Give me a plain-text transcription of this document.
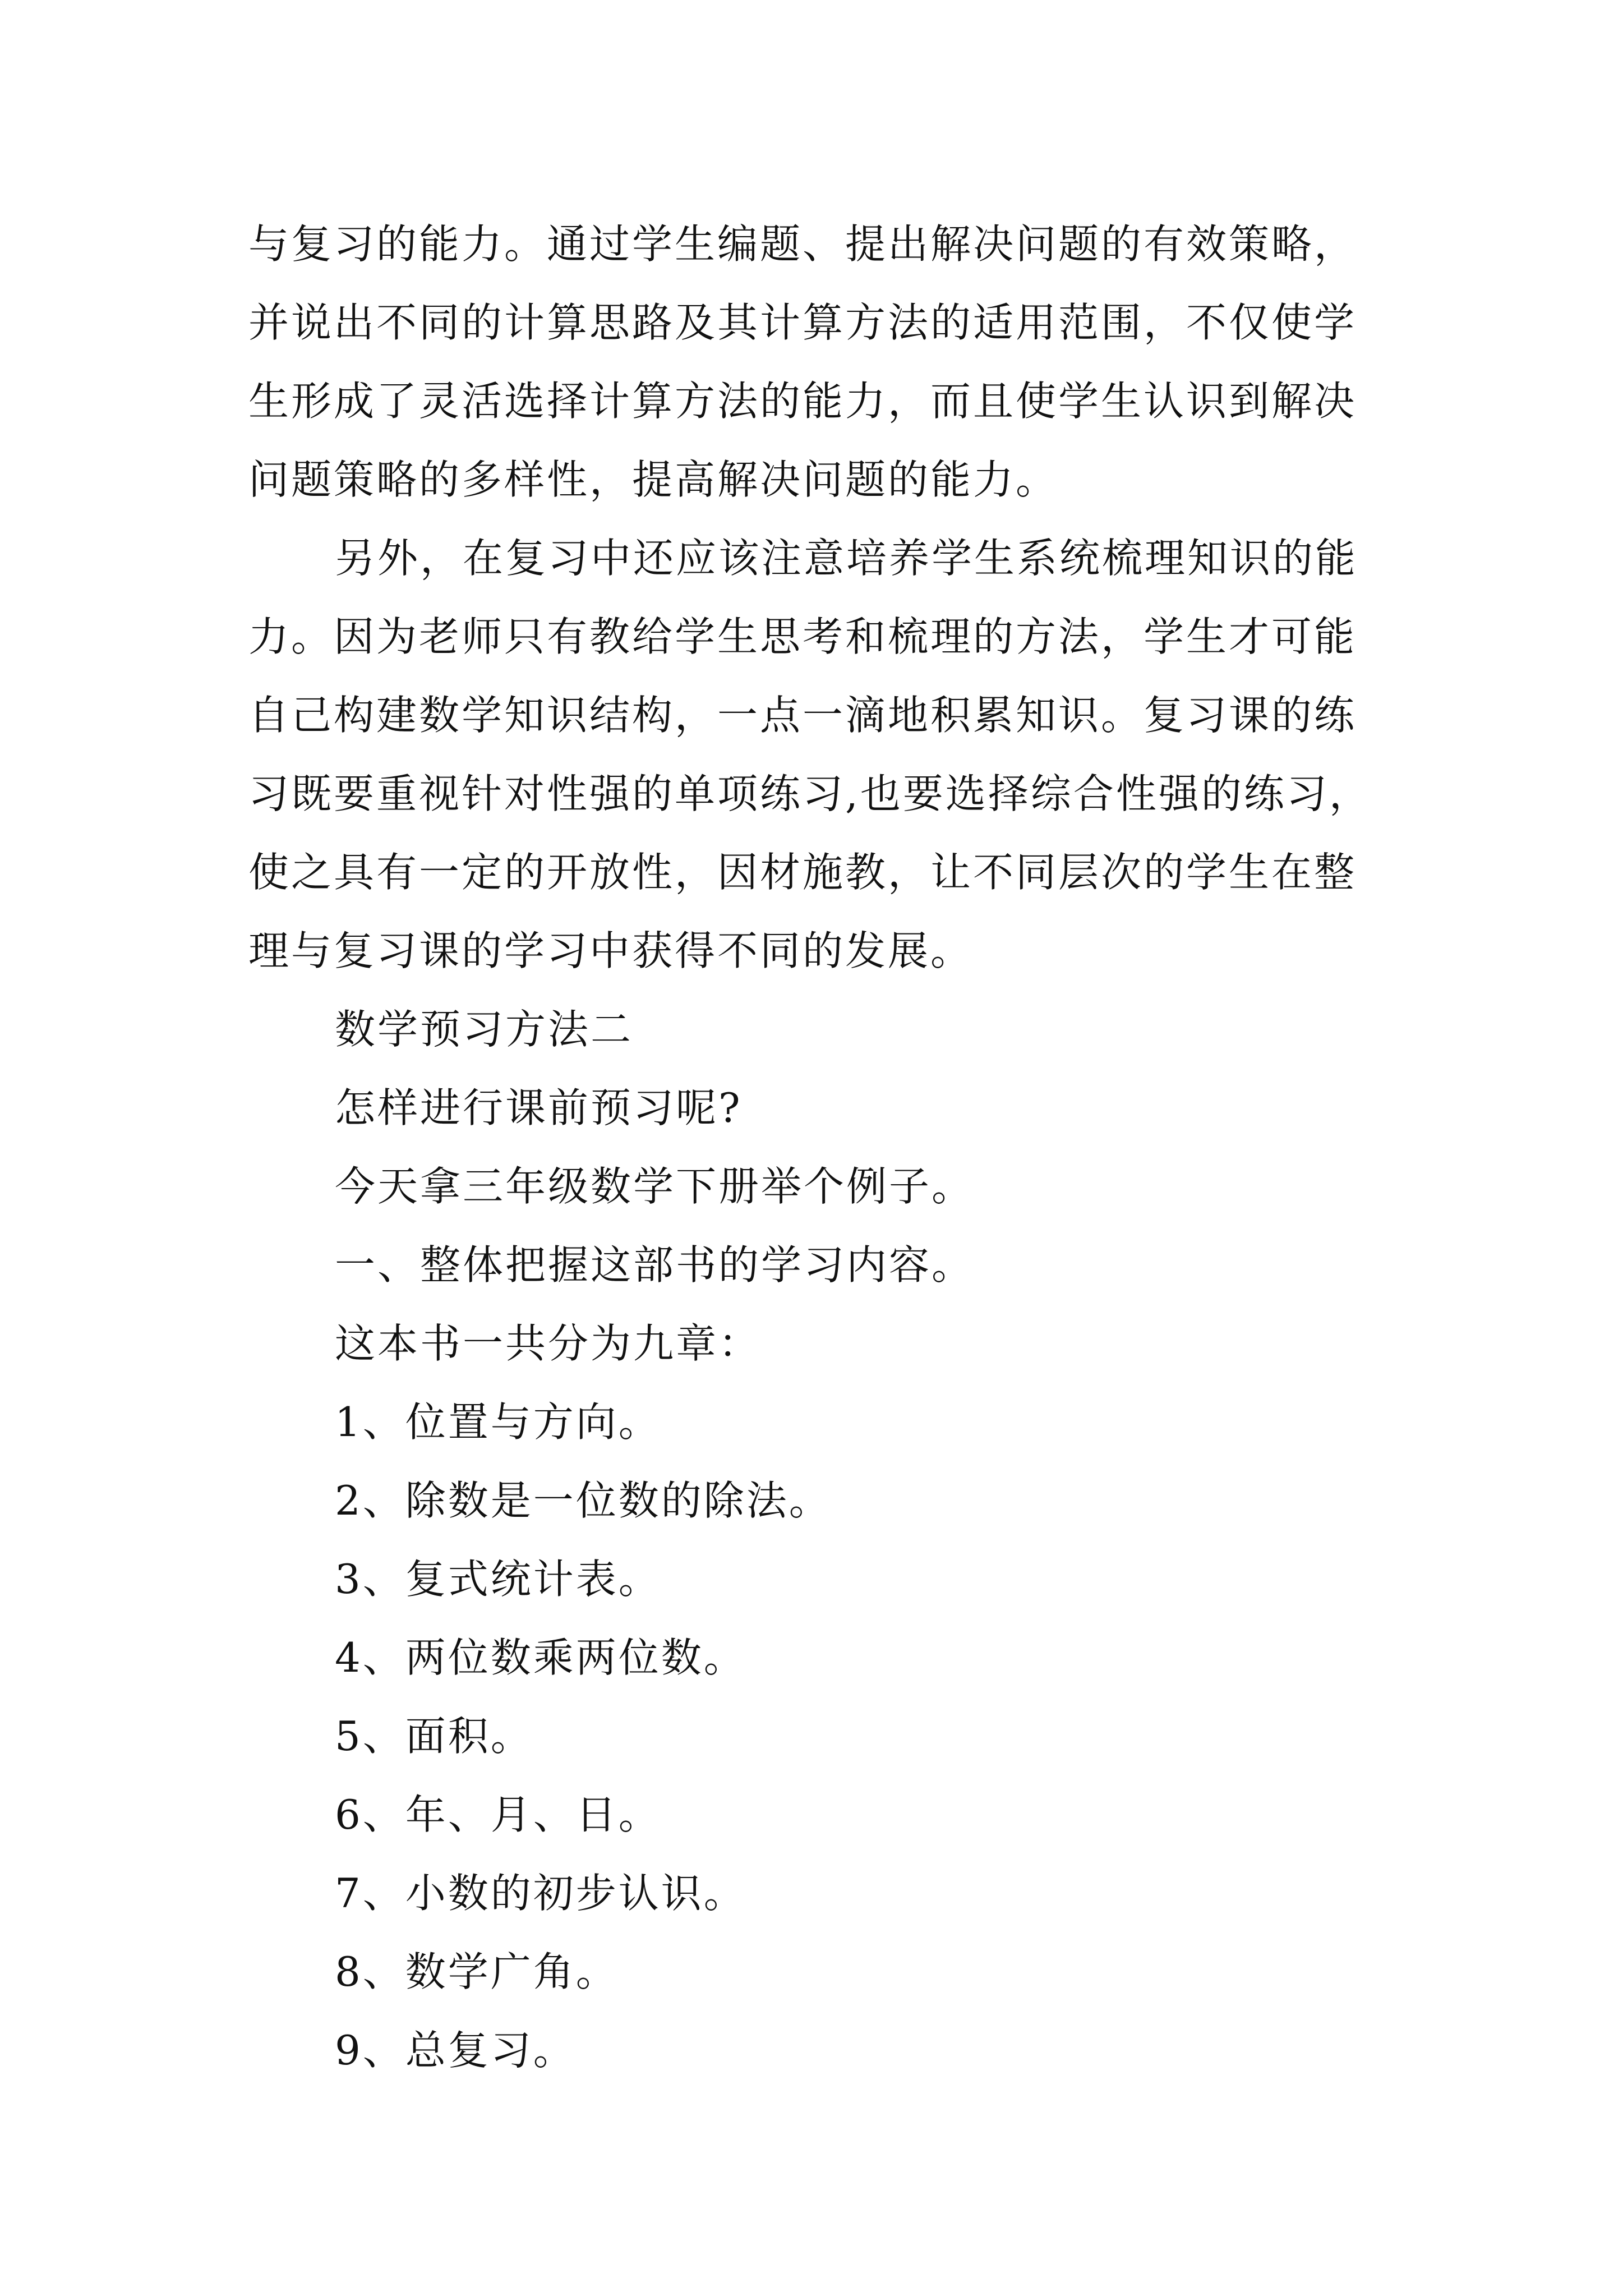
与复习的能力。通过学生编题、提出解决问题的有效策略，
并说出不同的计算思路及其计算方法的适用范围，不仅使学
生形成了灵活选择计算方法的能力，而且使学生认识到解决
问题策略的多样性，提高解决问题的能力。
另外，在复习中还应该注意培养学生系统梳理知识的能
力。因为老师只有教给学生思考和梳理的方法，学生才可能
自己构建数学知识结构，一点一滴地积累知识。复习课的练
习既要重视针对性强的单项练习,也要选择综合性强的练习，
使之具有一定的开放性，因材施教，让不同层次的学生在整
理与复习课的学习中获得不同的发展。
数学预习方法二
怎样进行课前预习呢?
今天拿三年级数学下册举个例子。
一、整体把握这部书的学习内容。
这本书一共分为九章：
1、位置与方向。
2、除数是一位数的除法。
3、复式统计表。
4、两位数乘两位数。
5、面积。
6、年、月、日。
7、小数的初步认识。
8、数学广角。
9、总复习。
